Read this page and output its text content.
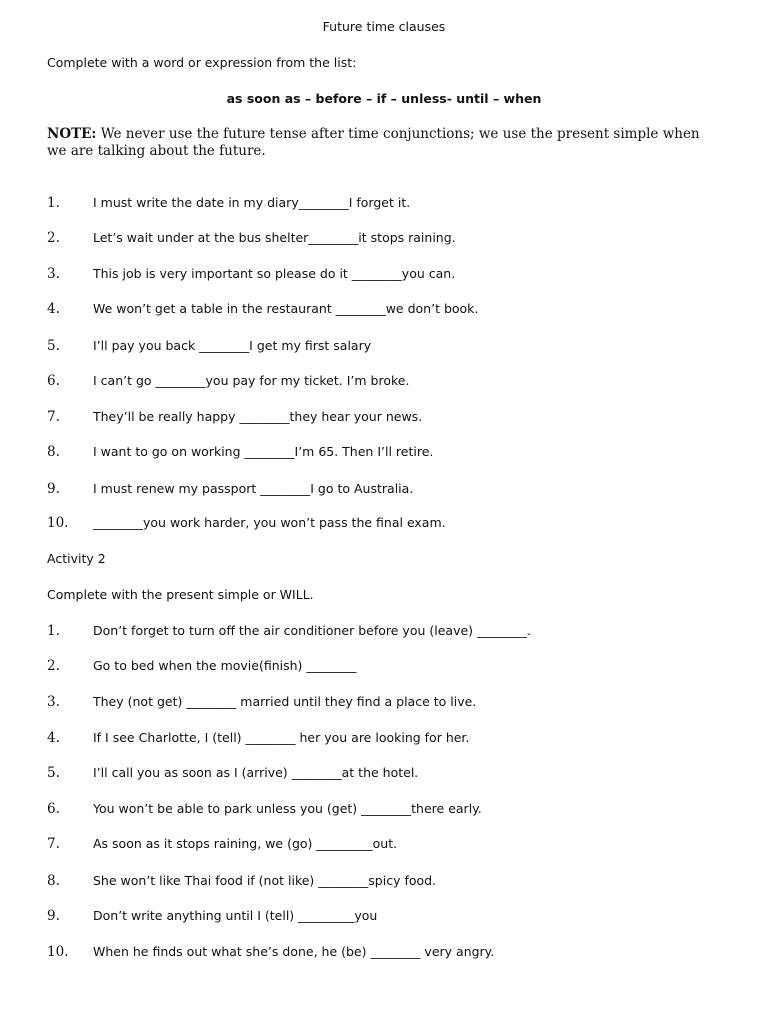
Future time clauses
Complete with a word or expression from the list:
as soon as – before – if – unless- until – when
NOTE: We never use the future tense after time conjunctions; we use the present simple when we are talking about the future.
1.	I must write the date in my diary________I forget it.
2.	Let’s wait under at the bus shelter________it stops raining.
3.	This job is very important so please do it ________you can.
4.	We won’t get a table in the restaurant ________we don’t book.
5.	I’ll pay you back ________I get my first salary
6.	I can’t go ________you pay for my ticket. I’m broke.
7.	They’ll be really happy ________they hear your news.
8.	I want to go on working ________I’m 65. Then I’ll retire.
9.	I must renew my passport ________I go to Australia.
10. ________you work harder, you won’t pass the final exam.
Activity 2
Complete with the present simple or WILL.
1.	Don’t forget to turn off the air conditioner before you (leave) ________.
2.	Go to bed when the movie(finish) ________
3.	They (not get) ________ married until they find a place to live.
4.	If I see Charlotte, I (tell) ________ her you are looking for her.
5.	I’ll call you as soon as I (arrive) ________at the hotel.
6.	You won’t be able to park unless you (get) ________there early.
7.	As soon as it stops raining, we (go) _________out.
8.	She won’t like Thai food if (not like) ________spicy food.
9.	Don’t write anything until I (tell) _________you
10. When he finds out what she’s done, he (be) ________ very angry.
